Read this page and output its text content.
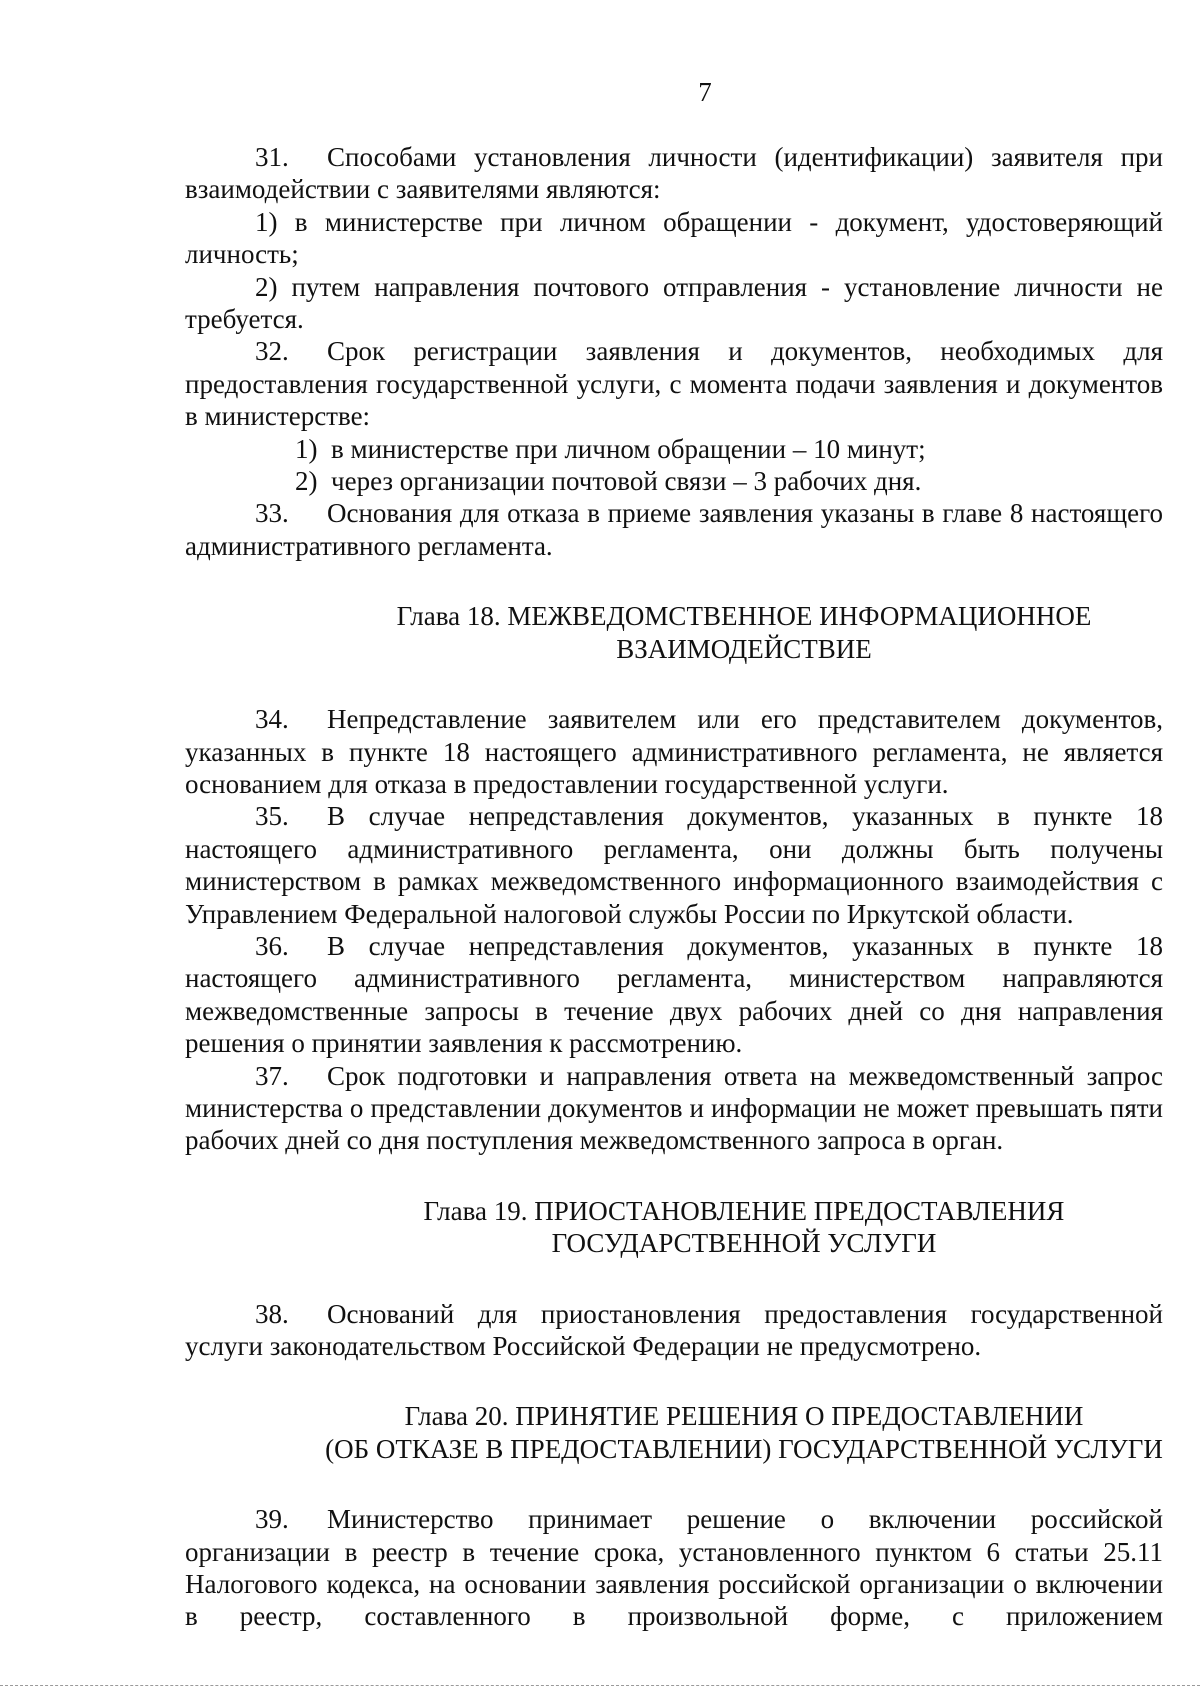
7

31. Способами установления личности (идентификации) заявителя при взаимодействии с заявителями являются:

1) в министерстве при личном обращении - документ, удостоверяющий личность;

2) путем направления почтового отправления - установление личности не требуется.

32. Срок регистрации заявления и документов, необходимых для предоставления государственной услуги, с момента подачи заявления и документов в министерстве:

1) в министерстве при личном обращении – 10 минут;

2) через организации почтовой связи – 3 рабочих дня.

33. Основания для отказа в приеме заявления указаны в главе 8 настоящего административного регламента.

Глава 18. МЕЖВЕДОМСТВЕННОЕ ИНФОРМАЦИОННОЕ

ВЗАИМОДЕЙСТВИЕ

34. Непредставление заявителем или его представителем документов, указанных в пункте 18 настоящего административного регламента, не является основанием для отказа в предоставлении государственной услуги.

35. В случае непредставления документов, указанных в пункте 18 настоящего административного регламента, они должны быть получены министерством в рамках межведомственного информационного взаимодействия с Управлением Федеральной налоговой службы России по Иркутской области.

36. В случае непредставления документов, указанных в пункте 18 настоящего административного регламента, министерством направляются межведомственные запросы в течение двух рабочих дней со дня направления решения о принятии заявления к рассмотрению.

37. Срок подготовки и направления ответа на межведомственный запрос министерства о представлении документов и информации не может превышать пяти рабочих дней со дня поступления межведомственного запроса в орган.

Глава 19. ПРИОСТАНОВЛЕНИЕ ПРЕДОСТАВЛЕНИЯ

ГОСУДАРСТВЕННОЙ УСЛУГИ

38. Оснований для приостановления предоставления государственной услуги законодательством Российской Федерации не предусмотрено.

Глава 20. ПРИНЯТИЕ РЕШЕНИЯ О ПРЕДОСТАВЛЕНИИ

(ОБ ОТКАЗЕ В ПРЕДОСТАВЛЕНИИ) ГОСУДАРСТВЕННОЙ УСЛУГИ

39. Министерство принимает решение о включении российской организации в реестр в течение срока, установленного пунктом 6 статьи 25.11 Налогового кодекса, на основании заявления российской организации о включении в реестр, составленного в произвольной форме, с приложением
